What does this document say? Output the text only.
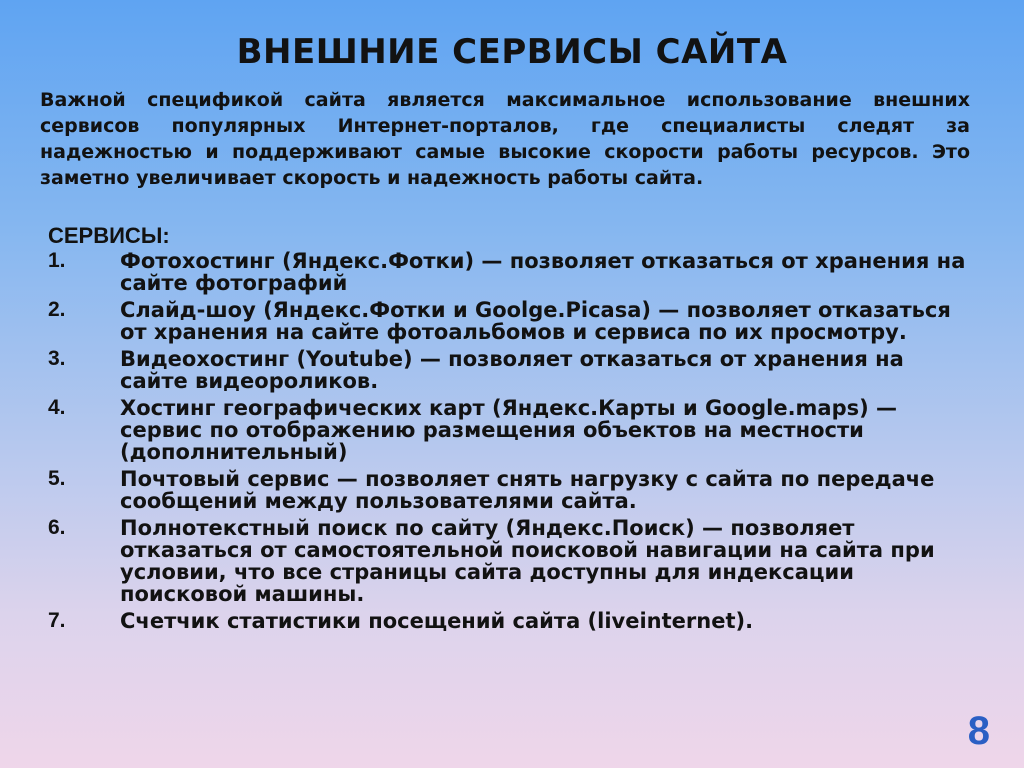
ВНЕШНИЕ СЕРВИСЫ САЙТА
Важной спецификой сайта является максимальное использование внешних сервисов популярных Интернет-порталов, где специалисты следят за надежностью и поддерживают самые высокие скорости работы ресурсов. Это заметно увеличивает скорость и надежность работы сайта.
СЕРВИСЫ:
1.	Фотохостинг (Яндекс.Фотки) — позволяет отказаться от хранения на сайте фотографий
2.	Слайд-шоу (Яндекс.Фотки и Goolge.Picasa) — позволяет отказаться от хранения на сайте фотоальбомов и сервиса по их просмотру.
3.	Видеохостинг (Youtube) — позволяет отказаться от хранения на сайте видеороликов.
4.	Хостинг географических карт (Яндекс.Карты и Google.maps) — сервис по отображению размещения объектов на местности (дополнительный)
5.	Почтовый сервис — позволяет снять нагрузку с сайта по передаче сообщений между пользователями сайта.
6.	Полнотекстный поиск по сайту (Яндекс.Поиск) — позволяет отказаться от самостоятельной поисковой навигации на сайта при условии, что все страницы сайта доступны для индексации поисковой машины.
7.	Счетчик статистики посещений сайта (liveinternet).
8
